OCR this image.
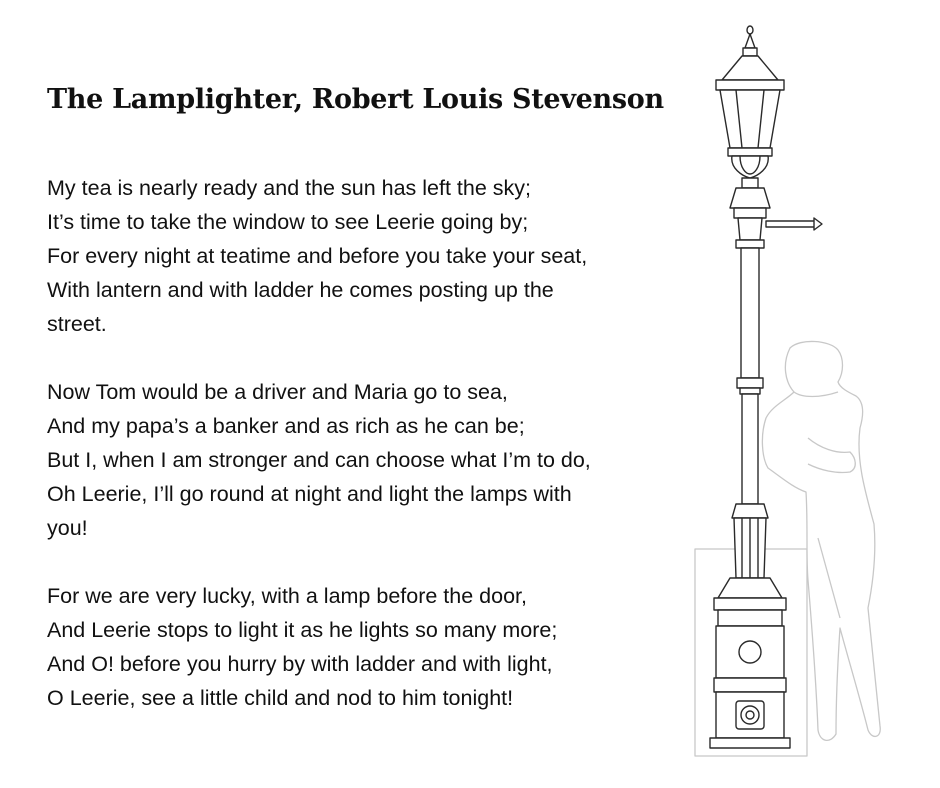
The Lamplighter, Robert Louis Stevenson
My tea is nearly ready and the sun has left the sky;
It’s time to take the window to see Leerie going by;
For every night at teatime and before you take your seat,
With lantern and with ladder he comes posting up the
street.
Now Tom would be a driver and Maria go to sea,
And my papa’s a banker and as rich as he can be;
But I, when I am stronger and can choose what I’m to do,
Oh Leerie, I’ll go round at night and light the lamps with
you!
For we are very lucky, with a lamp before the door,
And Leerie stops to light it as he lights so many more;
And O! before you hurry by with ladder and with light,
O Leerie, see a little child and nod to him tonight!
